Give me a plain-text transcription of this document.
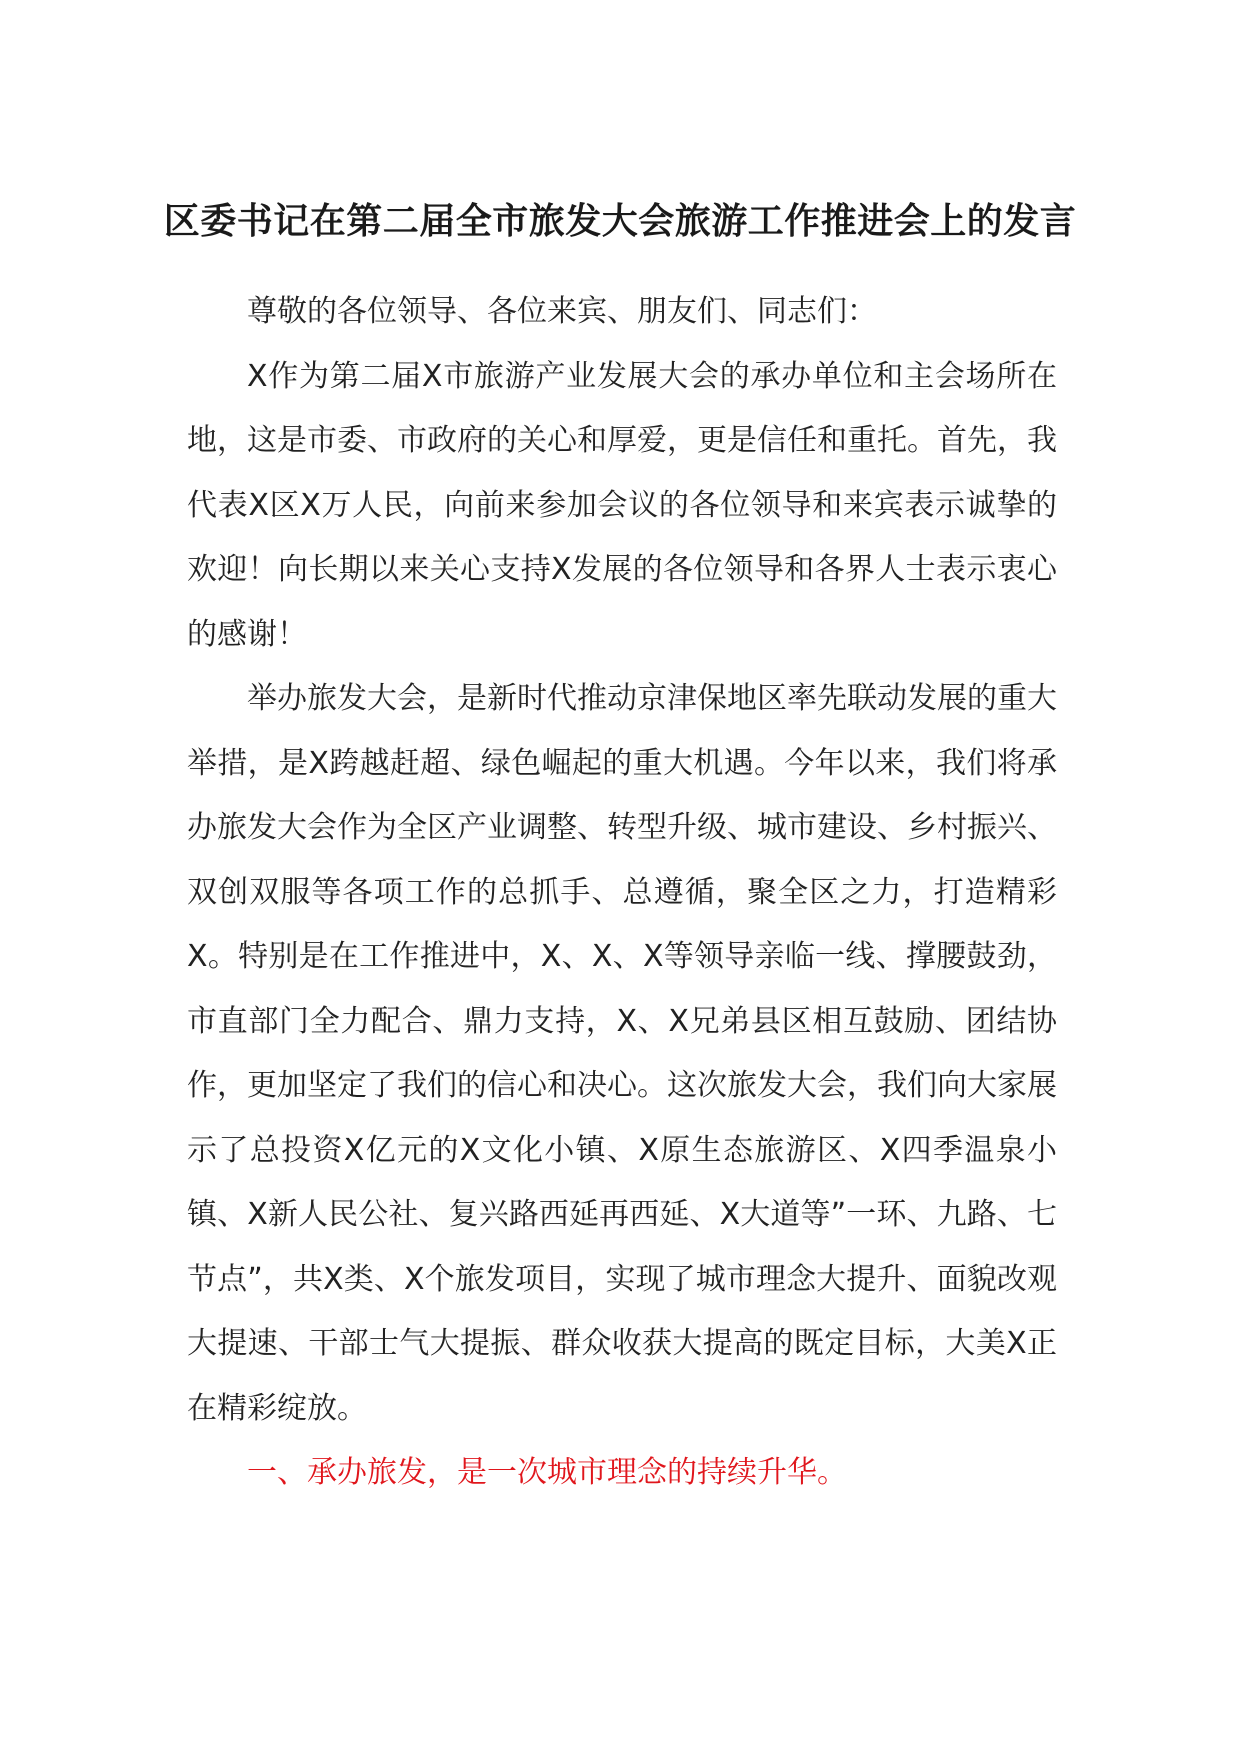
区委书记在第二届全市旅发大会旅游工作推进会上的发言

尊敬的各位领导、各位来宾、朋友们、同志们：

X作为第二届X市旅游产业发展大会的承办单位和主会场所在地，这是市委、市政府的关心和厚爱，更是信任和重托。首先，我代表X区X万人民，向前来参加会议的各位领导和来宾表示诚挚的欢迎！向长期以来关心支持X发展的各位领导和各界人士表示衷心的感谢！

举办旅发大会，是新时代推动京津保地区率先联动发展的重大举措，是X跨越赶超、绿色崛起的重大机遇。今年以来，我们将承办旅发大会作为全区产业调整、转型升级、城市建设、乡村振兴、双创双服等各项工作的总抓手、总遵循，聚全区之力，打造精彩X。特别是在工作推进中，X、X、X等领导亲临一线、撑腰鼓劲，市直部门全力配合、鼎力支持，X、X兄弟县区相互鼓励、团结协作，更加坚定了我们的信心和决心。这次旅发大会，我们向大家展示了总投资X亿元的X文化小镇、X原生态旅游区、X四季温泉小镇、X新人民公社、复兴路西延再西延、X大道等”一环、九路、七节点”，共X类、X个旅发项目，实现了城市理念大提升、面貌改观大提速、干部士气大提振、群众收获大提高的既定目标，大美X正在精彩绽放。

一、承办旅发，是一次城市理念的持续升华。
